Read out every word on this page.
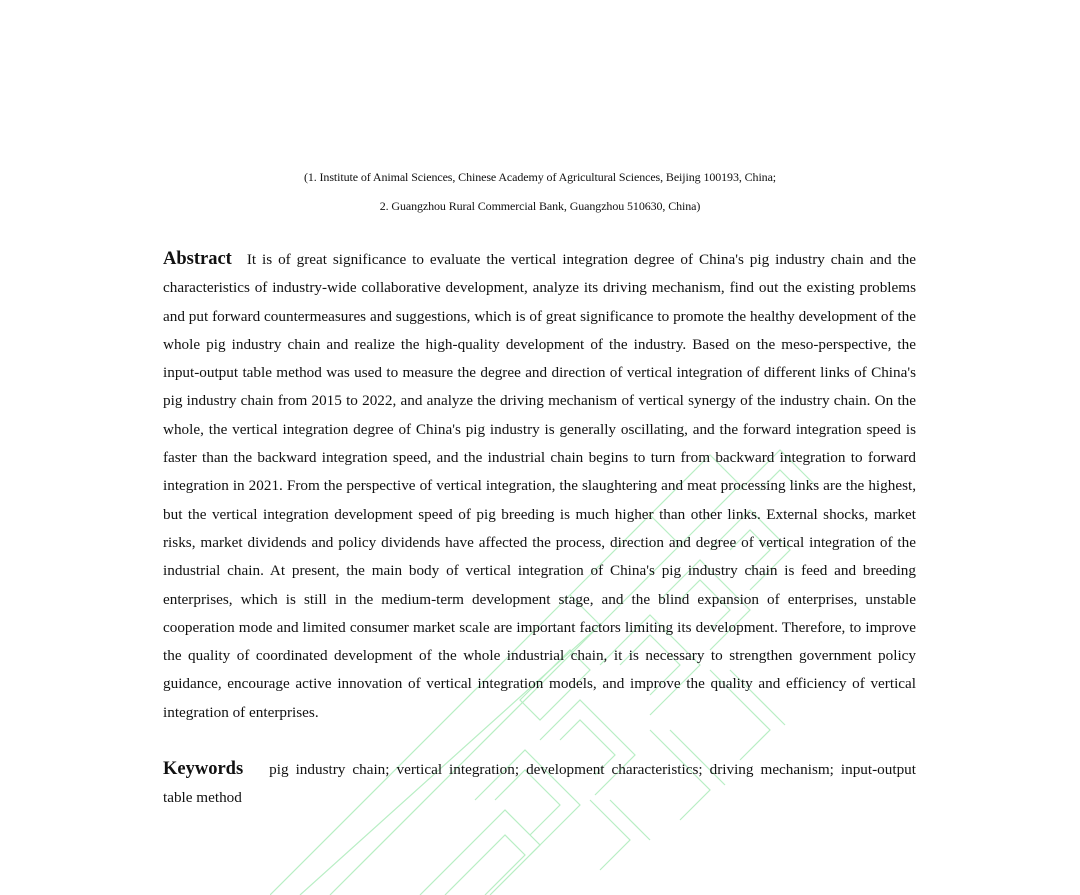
(1. Institute of Animal Sciences, Chinese Academy of Agricultural Sciences, Beijing 100193, China;
2. Guangzhou Rural Commercial Bank, Guangzhou 510630, China)
Abstract It is of great significance to evaluate the vertical integration degree of China's pig industry chain and the characteristics of industry-wide collaborative development, analyze its driving mechanism, find out the existing problems and put forward countermeasures and suggestions, which is of great significance to promote the healthy development of the whole pig industry chain and realize the high-quality development of the industry. Based on the meso-perspective, the input-output table method was used to measure the degree and direction of vertical integration of different links of China's pig industry chain from 2015 to 2022, and analyze the driving mechanism of vertical synergy of the industry chain. On the whole, the vertical integration degree of China's pig industry is generally oscillating, and the forward integration speed is faster than the backward integration speed, and the industrial chain begins to turn from backward integration to forward integration in 2021. From the perspective of vertical integration, the slaughtering and meat processing links are the highest, but the vertical integration development speed of pig breeding is much higher than other links. External shocks, market risks, market dividends and policy dividends have affected the process, direction and degree of vertical integration of the industrial chain. At present, the main body of vertical integration of China's pig industry chain is feed and breeding enterprises, which is still in the medium-term development stage, and the blind expansion of enterprises, unstable cooperation mode and limited consumer market scale are important factors limiting its development. Therefore, to improve the quality of coordinated development of the whole industrial chain, it is necessary to strengthen government policy guidance, encourage active innovation of vertical integration models, and improve the quality and efficiency of vertical integration of enterprises.
Keywords pig industry chain; vertical integration; development characteristics; driving mechanism; input-output table method
